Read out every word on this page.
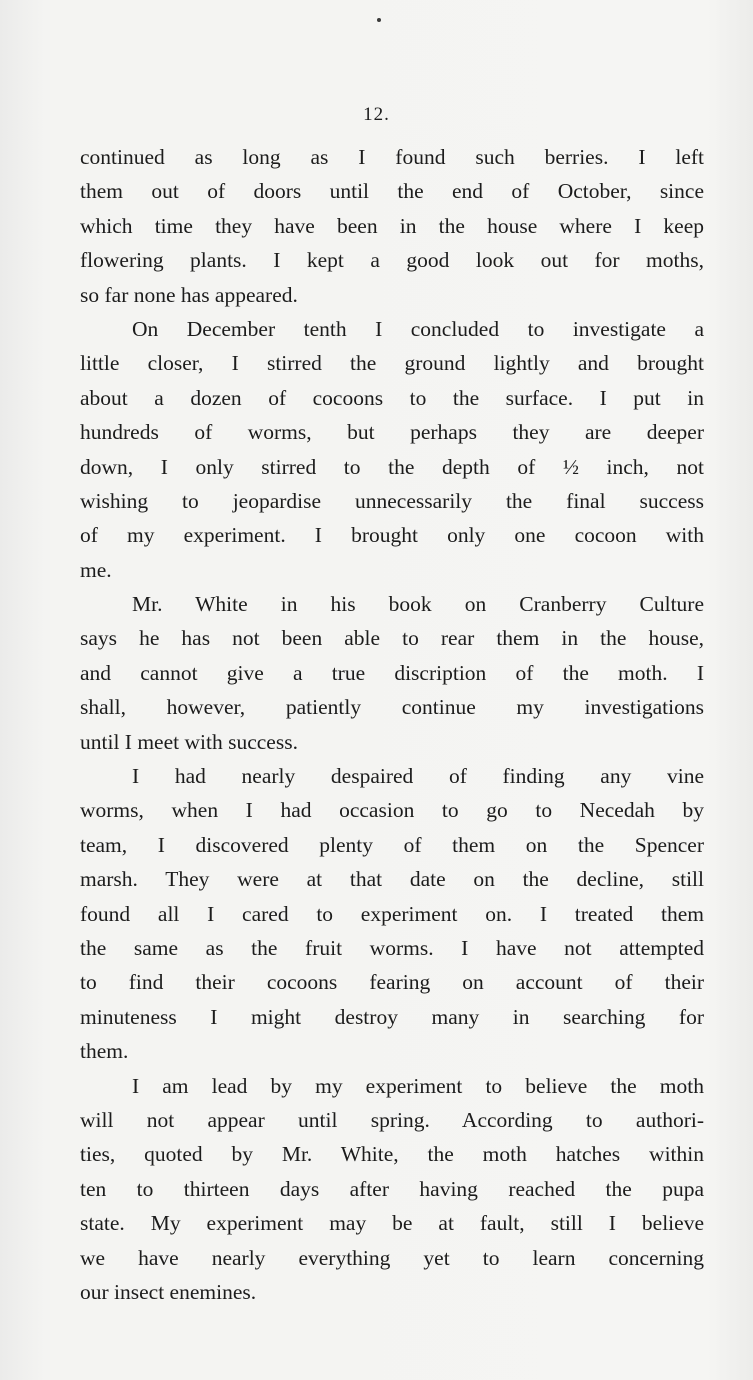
12.
continued as long as I found such berries. I left
them out of doors until the end of October, since
which time they have been in the house where I keep
flowering plants. I kept a good look out for moths,
so far none has appeared.
On December tenth I concluded to investigate a
little closer, I stirred the ground lightly and brought
about a dozen of cocoons to the surface. I put in
hundreds of worms, but perhaps they are deeper
down, I only stirred to the depth of ½ inch, not
wishing to jeopardise unnecessarily the final success
of my experiment. I brought only one cocoon with
me.
Mr. White in his book on Cranberry Culture
says he has not been able to rear them in the house,
and cannot give a true discription of the moth. I
shall, however, patiently continue my investigations
until I meet with success.
I had nearly despaired of finding any vine
worms, when I had occasion to go to Necedah by
team, I discovered plenty of them on the Spencer
marsh. They were at that date on the decline, still
found all I cared to experiment on. I treated them
the same as the fruit worms. I have not attempted
to find their cocoons fearing on account of their
minuteness I might destroy many in searching for
them.
I am lead by my experiment to believe the moth
will not appear until spring. According to authori-
ties, quoted by Mr. White, the moth hatches within
ten to thirteen days after having reached the pupa
state. My experiment may be at fault, still I believe
we have nearly everything yet to learn concerning
our insect enemines.
